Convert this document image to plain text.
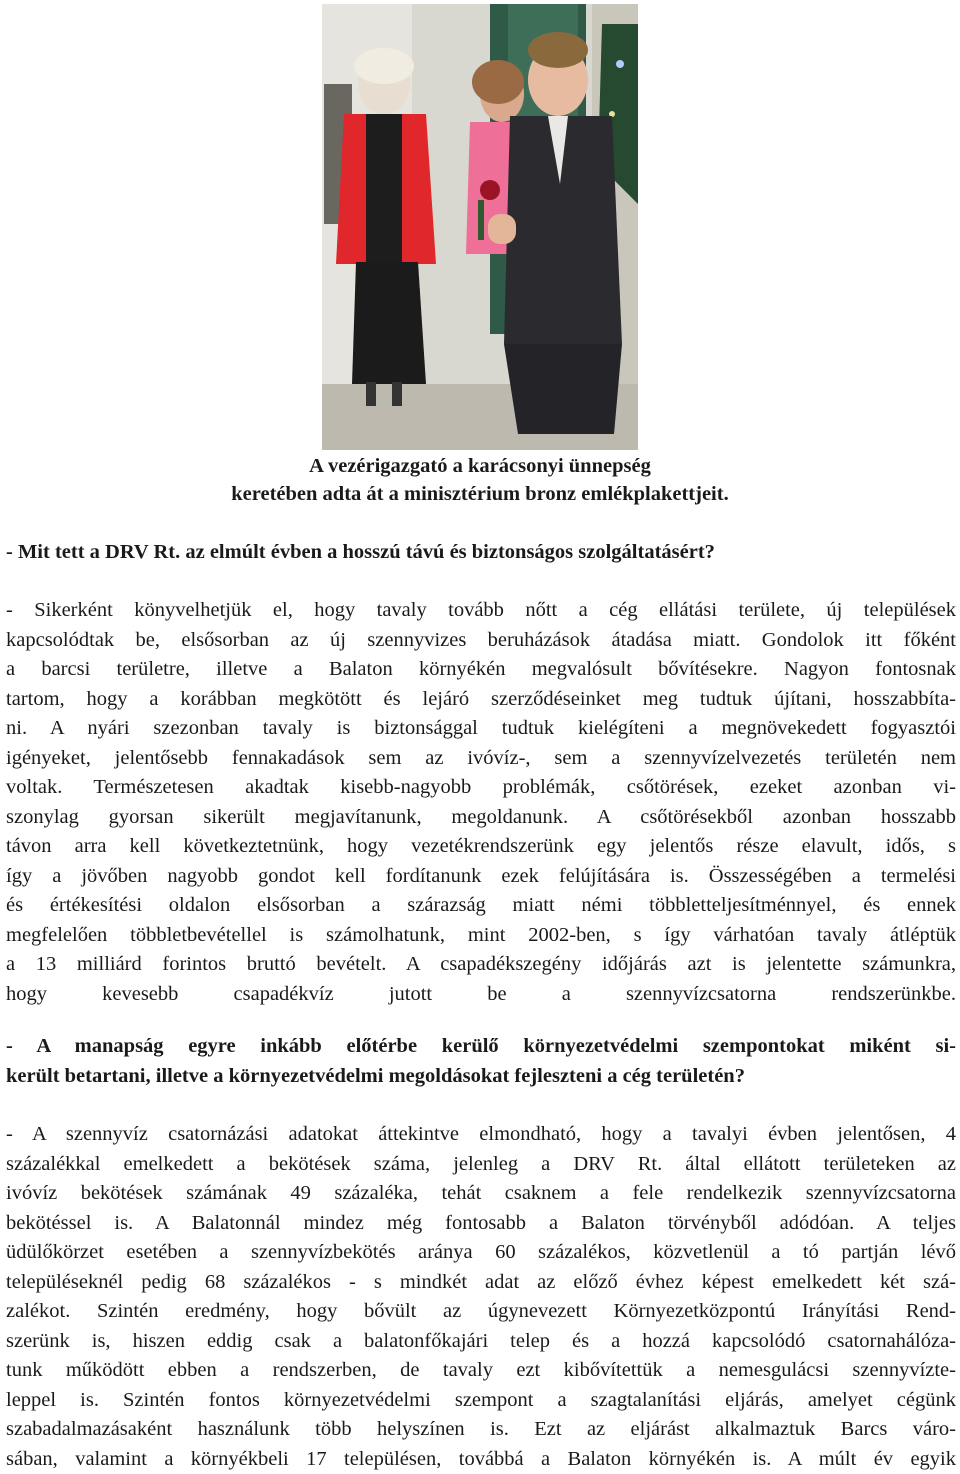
A vezérigazgató a karácsonyi ünnepség
keretében adta át a minisztérium bronz emlékplakettjeit.
- Mit tett a DRV Rt. az elmúlt évben a hosszú távú és biztonságos szolgáltatásért?
- Sikerként könyvelhetjük el, hogy tavaly tovább nőtt a cég ellátási területe, új települések
kapcsolódtak be, elsősorban az új szennyvizes beruházások átadása miatt. Gondolok itt főként
a barcsi területre, illetve a Balaton környékén megvalósult bővítésekre. Nagyon fontosnak
tartom, hogy a korábban megkötött és lejáró szerződéseinket meg tudtuk újítani, hosszabbíta-
ni. A nyári szezonban tavaly is biztonsággal tudtuk kielégíteni a megnövekedett fogyasztói
igényeket, jelentősebb fennakadások sem az ivóvíz-, sem a szennyvízelvezetés területén nem
voltak. Természetesen akadtak kisebb-nagyobb problémák, csőtörések, ezeket azonban vi-
szonylag gyorsan sikerült megjavítanunk, megoldanunk. A csőtörésekből azonban hosszabb
távon arra kell következtetnünk, hogy vezetékrendszerünk egy jelentős része elavult, idős, s
így a jövőben nagyobb gondot kell fordítanunk ezek felújítására is. Összességében a termelési
és értékesítési oldalon elsősorban a szárazság miatt némi többletteljesítménnyel, és ennek
megfelelően többletbevétellel is számolhatunk, mint 2002-ben, s így várhatóan tavaly átléptük
a 13 milliárd forintos bruttó bevételt. A csapadékszegény időjárás azt is jelentette számunkra,
hogy kevesebb csapadékvíz jutott be a szennyvízcsatorna rendszerünkbe.
- A manapság egyre inkább előtérbe kerülő környezetvédelmi szempontokat miként si-
került betartani, illetve a környezetvédelmi megoldásokat fejleszteni a cég területén?
- A szennyvíz csatornázási adatokat áttekintve elmondható, hogy a tavalyi évben jelentősen, 4
százalékkal emelkedett a bekötések száma, jelenleg a DRV Rt. által ellátott területeken az
ivóvíz bekötések számának 49 százaléka, tehát csaknem a fele rendelkezik szennyvízcsatorna
bekötéssel is. A Balatonnál mindez még fontosabb a Balaton törvényből adódóan. A teljes
üdülőkörzet esetében a szennyvízbekötés aránya 60 százalékos, közvetlenül a tó partján lévő
településeknél pedig 68 százalékos - s mindkét adat az előző évhez képest emelkedett két szá-
zalékot. Szintén eredmény, hogy bővült az úgynevezett Környezetközpontú Irányítási Rend-
szerünk is, hiszen eddig csak a balatonfőkajári telep és a hozzá kapcsolódó csatornahálóza-
tunk működött ebben a rendszerben, de tavaly ezt kibővítettük a nemesgulácsi szennyvízte-
leppel is. Szintén fontos környezetvédelmi szempont a szagtalanítási eljárás, amelyet cégünk
szabadalmazásaként használunk több helyszínen is. Ezt az eljárást alkalmaztuk Barcs váro-
sában, valamint a környékbeli 17 településen, továbbá a Balaton környékén is. A múlt év egyik
